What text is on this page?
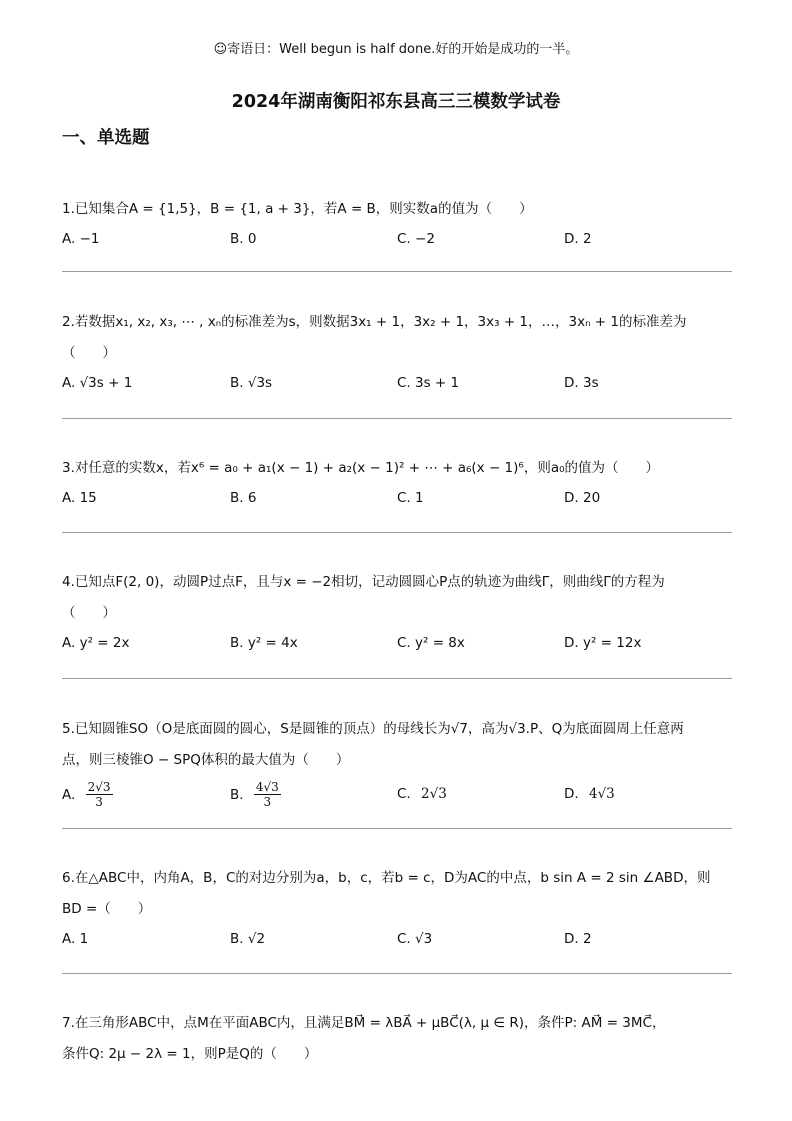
☺寄语日：Well begun is half done.好的开始是成功的一半。
2024年湖南衡阳祁东县高三三模数学试卷
一、单选题
1.已知集合A = {1,5}，B = {1, a + 3}，若A = B，则实数a的值为（　　）
A. −1	B. 0	C. −2	D. 2
2.若数据x₁, x₂, x₃, ⋯ , xₙ的标准差为s，则数据3x₁ + 1，3x₂ + 1，3x₃ + 1，…，3xₙ + 1的标准差为
（　　）
A. √3s + 1	B. √3s	C. 3s + 1	D. 3s
3.对任意的实数x，若x⁶ = a₀ + a₁(x − 1) + a₂(x − 1)² + ⋯ + a₆(x − 1)⁶，则a₀的值为（　　）
A. 15	B. 6	C. 1	D. 20
4.已知点F(2, 0)，动圆P过点F，且与x = −2相切，记动圆圆心P点的轨迹为曲线Γ，则曲线Γ的方程为
（　　）
A. y² = 2x	B. y² = 4x	C. y² = 8x	D. y² = 12x
5.已知圆锥SO（O是底面圆的圆心，S是圆锥的顶点）的母线长为√7，高为√3.P、Q为底面圆周上任意两
点，则三棱锥O − SPQ体积的最大值为（　　）
A. $\frac{2√3}{3}$	B. $\frac{4√3}{3}$	C. 2√3	D. 4√3
6.在△ABC中，内角A，B，C的对边分别为a，b，c，若b = c，D为AC的中点，b sin A = 2 sin ∠ABD，则
BD =（　　）
A. 1	B. √2	C. √3	D. 2
7.在三角形ABC中，点M在平面ABC内，且满足BM⃗ = λBA⃗ + μBC⃗(λ, μ ∈ R)，条件P: AM⃗ = 3MC⃗，
条件Q: 2μ − 2λ = 1，则P是Q的（　　）
